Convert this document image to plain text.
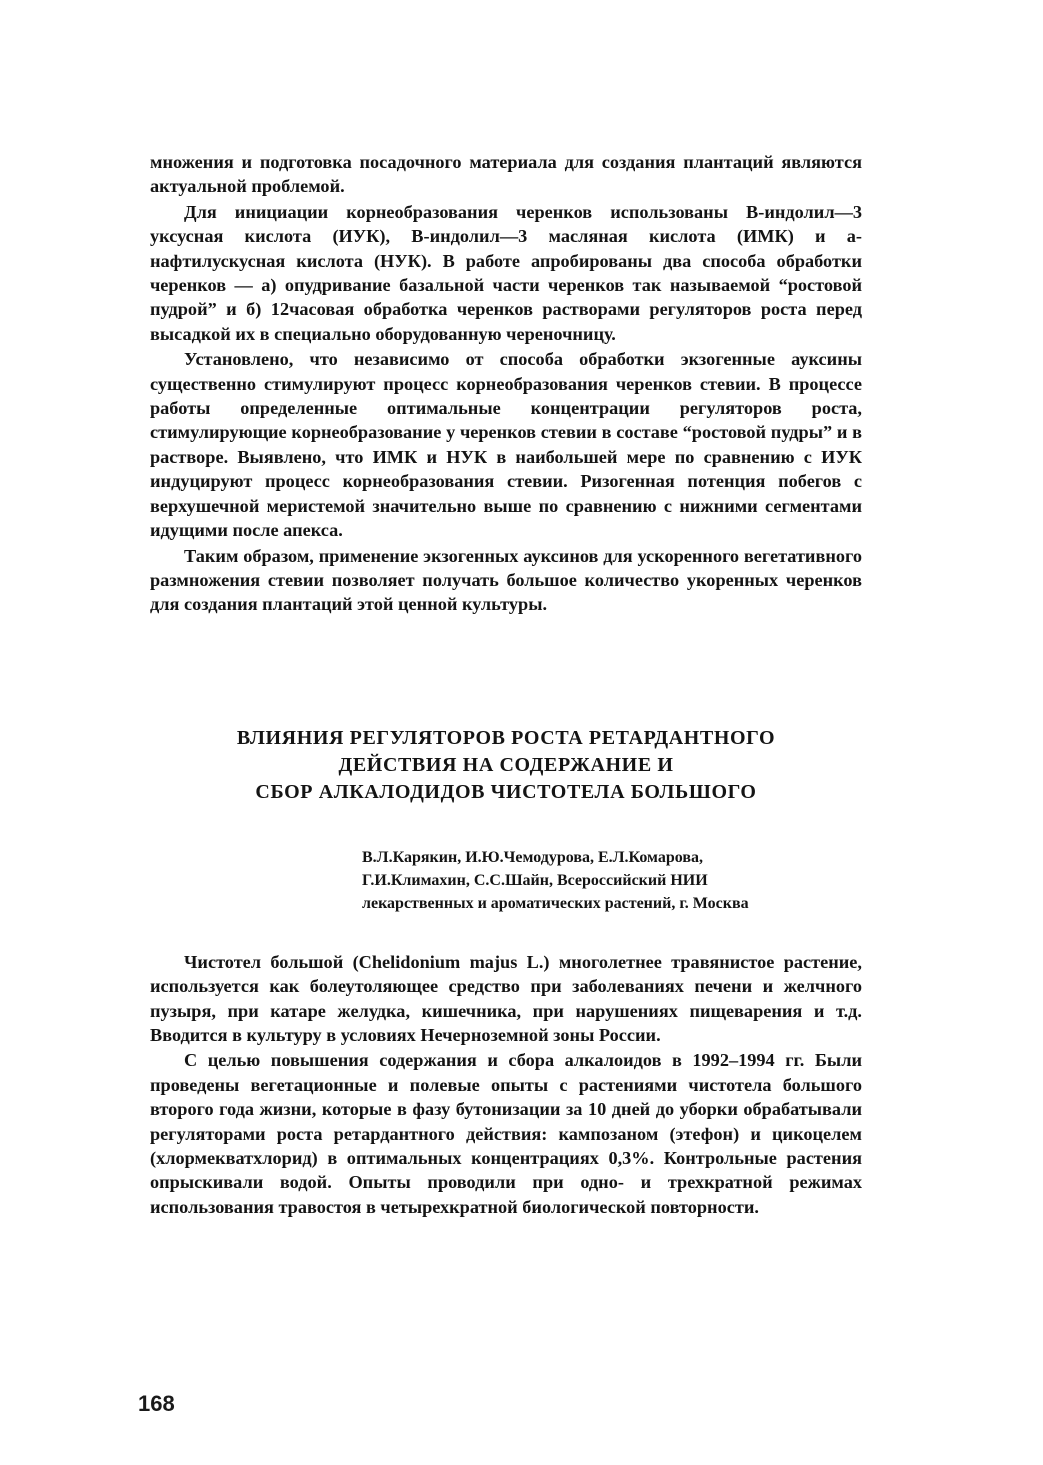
множения и подготовка посадочного материала для создания плантаций являются актуальной проблемой.

Для инициации корнеобразования черенков использованы В-индолил—3 уксусная кислота (ИУК), В-индолил—3 масляная кислота (ИМК) и а-нафтилускусная кислота (НУК). В работе апробированы два способа обработки черенков — а) опудривание базальной части черенков так называемой “ростовой пудрой” и б) 12часовая обработка черенков растворами регуляторов роста перед высадкой их в специально оборудованную череночницу.

Установлено, что независимо от способа обработки экзогенные ауксины существенно стимулируют процесс корнеобразования черенков стевии. В процессе работы определенные оптимальные концентрации регуляторов роста, стимулирующие корнеобразование у черенков стевии в составе “ростовой пудры” и в растворе. Выявлено, что ИМК и НУК в наибольшей мере по сравнению с ИУК индуцируют процесс корнеобразования стевии. Ризогенная потенция побегов с верхушечной меристемой значительно выше по сравнению с нижними сегментами идущими после апекса.

Таким образом, применение экзогенных ауксинов для ускоренного вегетативного размножения стевии позволяет получать большое количество укоренных черенков для создания плантаций этой ценной культуры.

ВЛИЯНИЯ РЕГУЛЯТОРОВ РОСТА РЕТАРДАНТНОГО
ДЕЙСТВИЯ НА СОДЕРЖАНИЕ И
СБОР АЛКАЛОДИДОВ ЧИСТОТЕЛА БОЛЬШОГО
В.Л.Карякин, И.Ю.Чемодурова, Е.Л.Комарова,
Г.И.Климахин, С.С.Шайн, Всероссийский НИИ
лекарственных и ароматических растений, г. Москва

Чистотел большой (Chelidonium majus L.) многолетнее травянистое растение, используется как болеутоляющее средство при заболеваниях печени и желчного пузыря, при катаре желудка, кишечника, при нарушениях пищеварения и т.д. Вводится в культуру в условиях Нечерноземной зоны России.

С целью повышения содержания и сбора алкалоидов в 1992–1994 гг. Были проведены вегетационные и полевые опыты с растениями чистотела большого второго года жизни, которые в фазу бутонизации за 10 дней до уборки обрабатывали регуляторами роста ретардантного действия: кампозаном (этефон) и цикоцелем (хлормекватхлорид) в оптимальных концентрациях 0,3%. Контрольные растения опрыскивали водой. Опыты проводили при одно- и трехкратной режимах использования травостоя в четырехкратной биологической повторности.

168
